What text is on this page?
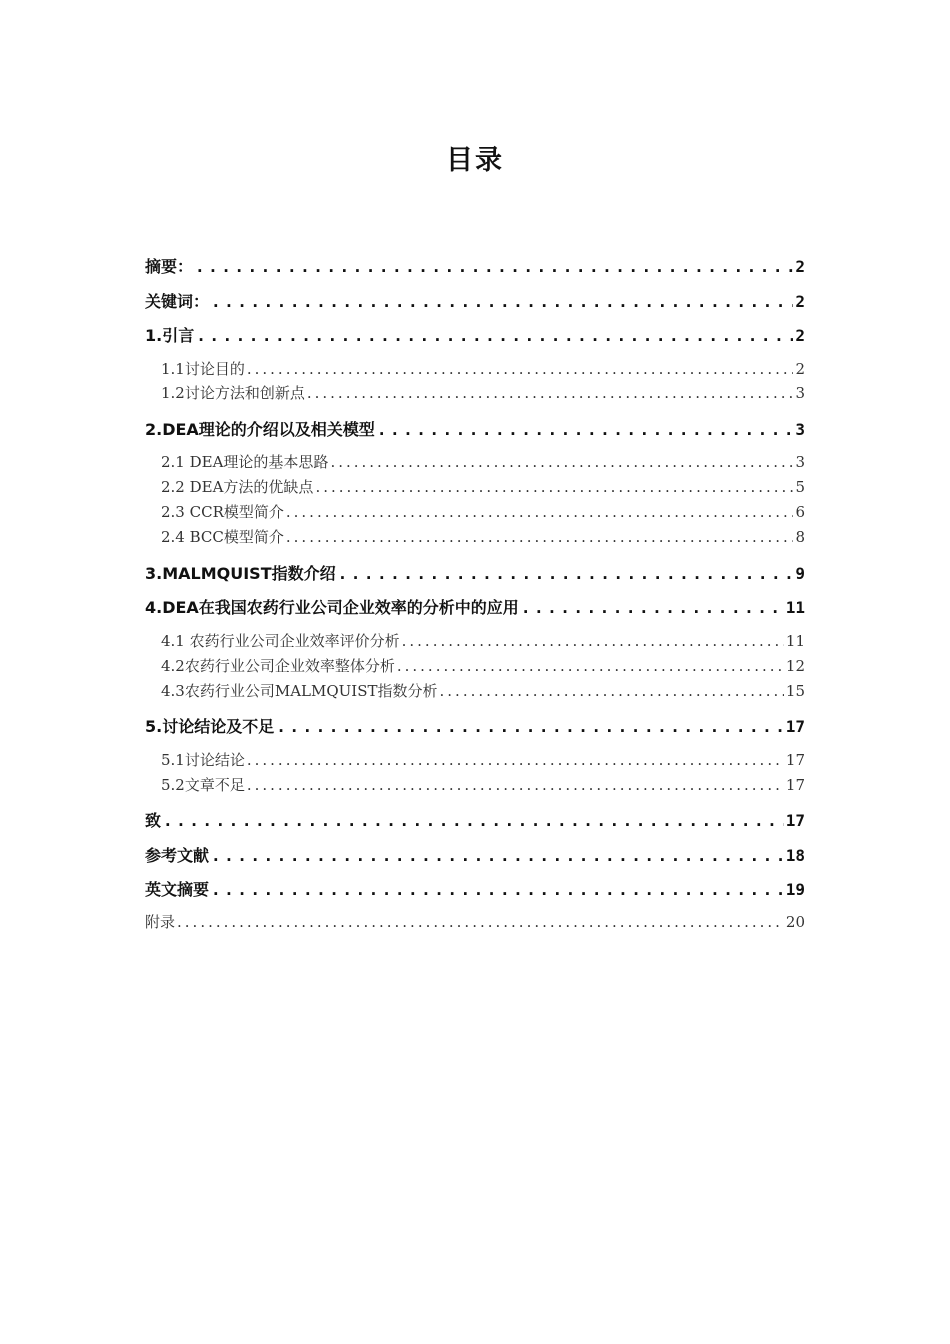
目录
摘要： .....	2
关键词： .....	2
1.引言 .....	2
1.1讨论目的 .....	2
1.2讨论方法和创新点 .....	3
2.DEA理论的介绍以及相关模型 .....	3
2.1 DEA理论的基本思路 .....	3
2.2 DEA方法的优缺点 .....	5
2.3 CCR模型简介 .....	6
2.4 BCC模型简介 .....	8
3.MALMQUIST指数介绍 .....	9
4.DEA在我国农药行业公司企业效率的分析中的应用 .....	11
4.1 农药行业公司企业效率评价分析 .....	11
4.2农药行业公司企业效率整体分析 .....	12
4.3农药行业公司MALMQUIST指数分析 .....	15
5.讨论结论及不足 .....	17
5.1讨论结论 .....	17
5.2文章不足 .....	17
致 .....	17
参考文献 .....	18
英文摘要 .....	19
附录 .....	20
